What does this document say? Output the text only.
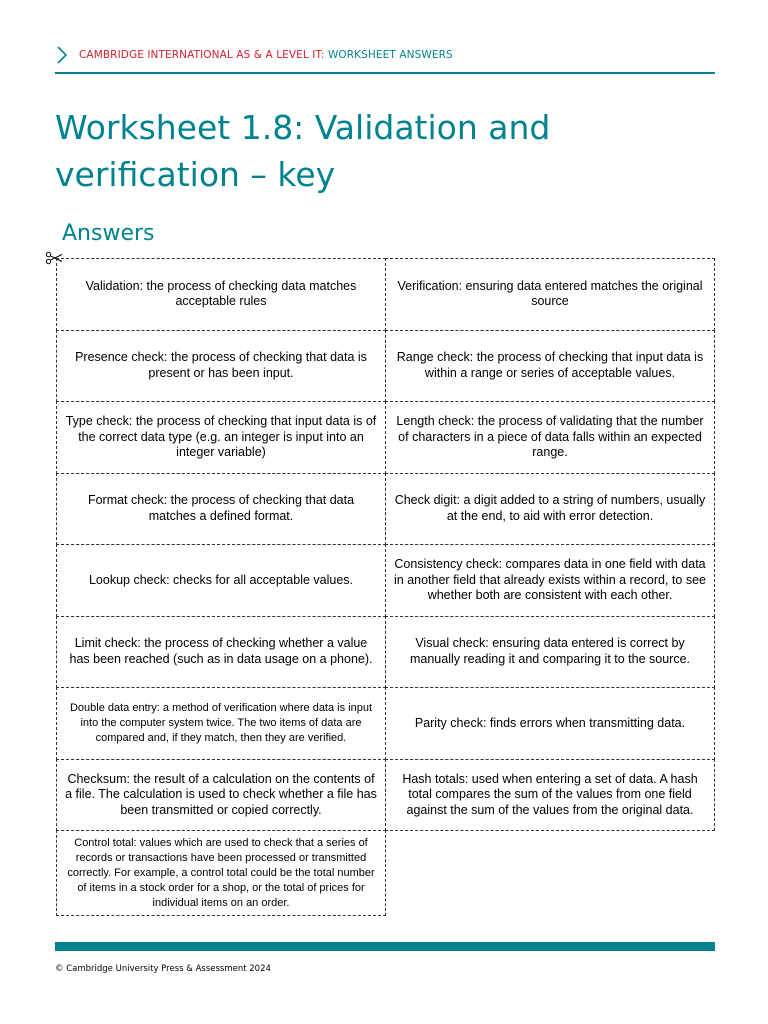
CAMBRIDGE INTERNATIONAL AS & A LEVEL IT: WORKSHEET ANSWERS
Worksheet 1.8: Validation and verification – key
Answers
Validation: the process of checking data matches acceptable rules
Verification: ensuring data entered matches the original source
Presence check: the process of checking that data is present or has been input.
Range check: the process of checking that input data is within a range or series of acceptable values.
Type check: the process of checking that input data is of the correct data type (e.g. an integer is input into an integer variable)
Length check: the process of validating that the number of characters in a piece of data falls within an expected range.
Format check: the process of checking that data matches a defined format.
Check digit: a digit added to a string of numbers, usually at the end, to aid with error detection.
Lookup check: checks for all acceptable values.
Consistency check: compares data in one field with data in another field that already exists within a record, to see whether both are consistent with each other.
Limit check: the process of checking whether a value has been reached (such as in data usage on a phone).
Visual check: ensuring data entered is correct by manually reading it and comparing it to the source.
Double data entry: a method of verification where data is input into the computer system twice. The two items of data are compared and, if they match, then they are verified.
Parity check: finds errors when transmitting data.
Checksum: the result of a calculation on the contents of a file. The calculation is used to check whether a file has been transmitted or copied correctly.
Hash totals: used when entering a set of data. A hash total compares the sum of the values from one field against the sum of the values from the original data.
Control total: values which are used to check that a series of records or transactions have been processed or transmitted correctly. For example, a control total could be the total number of items in a stock order for a shop, or the total of prices for individual items on an order.
© Cambridge University Press & Assessment 2024
